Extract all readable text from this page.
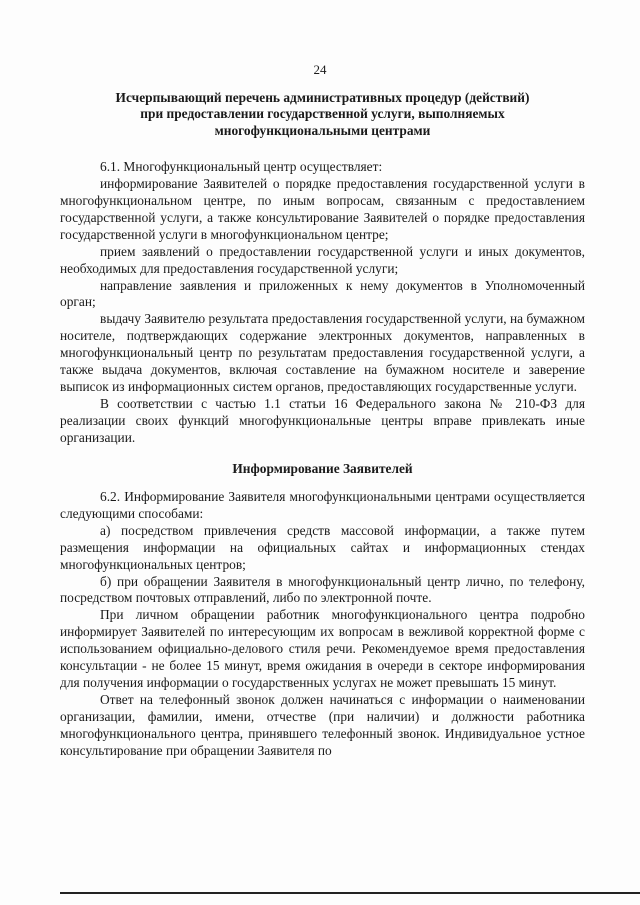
24
Исчерпывающий перечень административных процедур (действий)
при предоставлении государственной услуги, выполняемых
многофункциональными центрами

6.1. Многофункциональный центр осуществляет:

информирование Заявителей о порядке предоставления государственной услуги в многофункциональном центре, по иным вопросам, связанным с предоставлением государственной услуги, а также консультирование Заявителей о порядке предоставления государственной услуги в многофункциональном центре;

прием заявлений о предоставлении государственной услуги и иных документов, необходимых для предоставления государственной услуги;

направление заявления и приложенных к нему документов в Уполномоченный орган;

выдачу Заявителю результата предоставления государственной услуги, на бумажном носителе, подтверждающих содержание электронных документов, направленных в многофункциональный центр по результатам предоставления государственной услуги, а также выдача документов, включая составление на бумажном носителе и заверение выписок из информационных систем органов, предоставляющих государственные услуги.

В соответствии с частью 1.1 статьи 16 Федерального закона № 210-ФЗ для реализации своих функций многофункциональные центры вправе привлекать иные организации.

Информирование Заявителей

6.2. Информирование Заявителя многофункциональными центрами осуществляется следующими способами:

а) посредством привлечения средств массовой информации, а также путем размещения информации на официальных сайтах и информационных стендах многофункциональных центров;

б) при обращении Заявителя в многофункциональный центр лично, по телефону, посредством почтовых отправлений, либо по электронной почте.

При личном обращении работник многофункционального центра подробно информирует Заявителей по интересующим их вопросам в вежливой корректной форме с использованием официально-делового стиля речи. Рекомендуемое время предоставления консультации - не более 15 минут, время ожидания в очереди в секторе информирования для получения информации о государственных услугах не может превышать 15 минут.

Ответ на телефонный звонок должен начинаться с информации о наименовании организации, фамилии, имени, отчестве (при наличии) и должности работника многофункционального центра, принявшего телефонный звонок. Индивидуальное устное консультирование при обращении Заявителя по
